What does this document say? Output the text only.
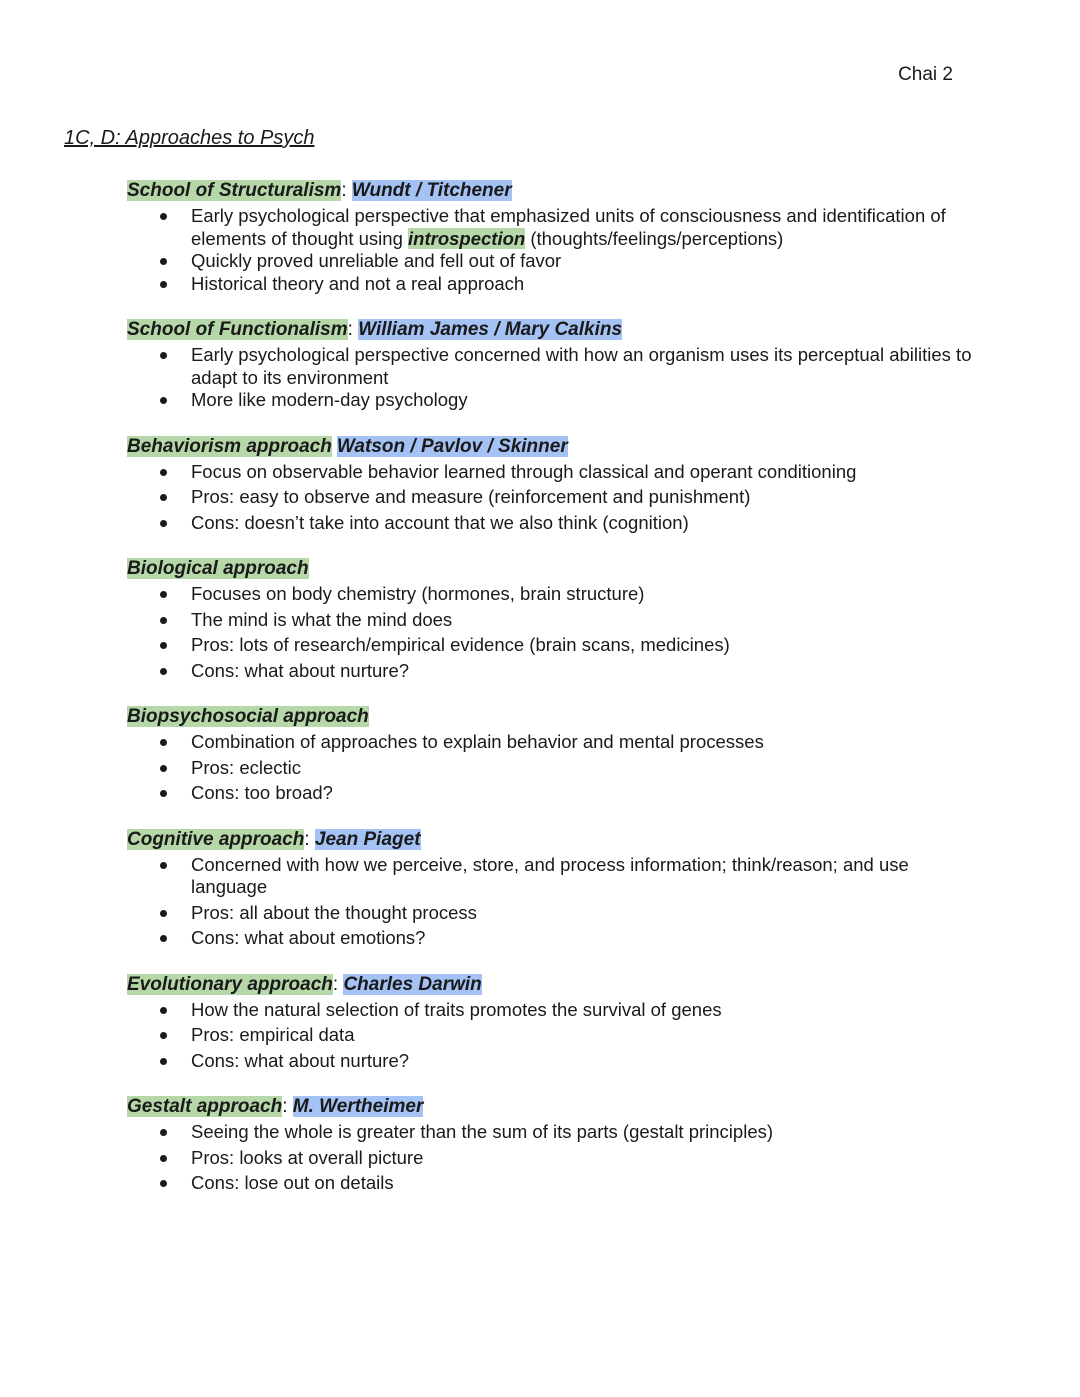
Chai 2
1C, D: Approaches to Psych
School of Structuralism: Wundt / Titchener
Early psychological perspective that emphasized units of consciousness and identification of elements of thought using introspection (thoughts/feelings/perceptions)
Quickly proved unreliable and fell out of favor
Historical theory and not a real approach
School of Functionalism: William James / Mary Calkins
Early psychological perspective concerned with how an organism uses its perceptual abilities to adapt to its environment
More like modern-day psychology
Behaviorism approach Watson / Pavlov / Skinner
Focus on observable behavior learned through classical and operant conditioning
Pros: easy to observe and measure (reinforcement and punishment)
Cons: doesn’t take into account that we also think (cognition)
Biological approach
Focuses on body chemistry (hormones, brain structure)
The mind is what the mind does
Pros: lots of research/empirical evidence (brain scans, medicines)
Cons: what about nurture?
Biopsychosocial approach
Combination of approaches to explain behavior and mental processes
Pros: eclectic
Cons: too broad?
Cognitive approach: Jean Piaget
Concerned with how we perceive, store, and process information; think/reason; and use language
Pros: all about the thought process
Cons: what about emotions?
Evolutionary approach: Charles Darwin
How the natural selection of traits promotes the survival of genes
Pros: empirical data
Cons: what about nurture?
Gestalt approach: M. Wertheimer
Seeing the whole is greater than the sum of its parts (gestalt principles)
Pros: looks at overall picture
Cons: lose out on details
